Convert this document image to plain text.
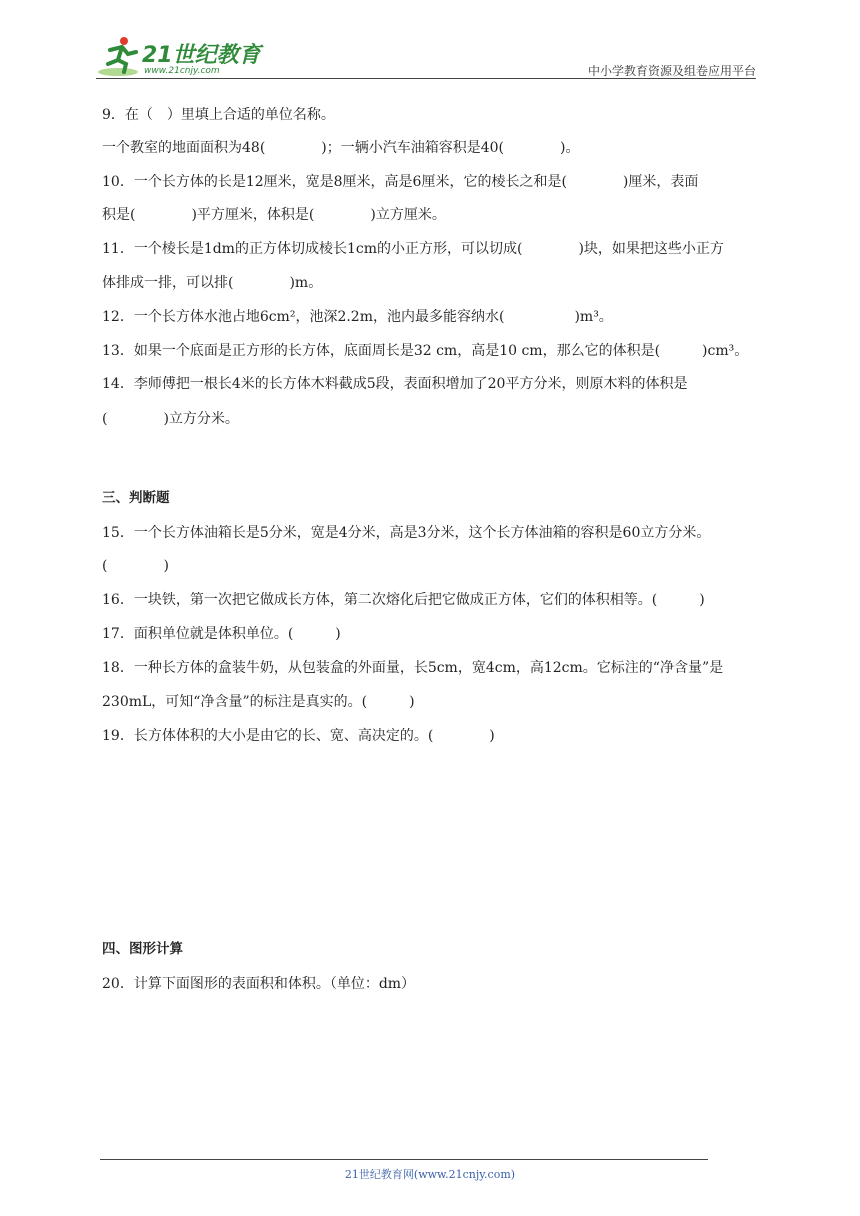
21世纪教育
www.21cnjy.com	中小学教育资源及组卷应用平台
9．在（　）里填上合适的单位名称。
一个教室的地面面积为48(　　　　)；一辆小汽车油箱容积是40(　　　　)。
10．一个长方体的长是12厘米，宽是8厘米，高是6厘米，它的棱长之和是(　　　　)厘米，表面
积是(　　　　)平方厘米，体积是(　　　　)立方厘米。
11．一个棱长是1dm的正方体切成棱长1cm的小正方形，可以切成(　　　　)块，如果把这些小正方
体排成一排，可以排(　　　　)m。
12．一个长方体水池占地6cm²，池深2.2m，池内最多能容纳水(　　　　　)m³。
13．如果一个底面是正方形的长方体，底面周长是32 cm，高是10 cm，那么它的体积是(　　　)cm³。
14．李师傅把一根长4米的长方体木料截成5段，表面积增加了20平方分米，则原木料的体积是
(　　　　)立方分米。
三、判断题
15．一个长方体油箱长是5分米，宽是4分米，高是3分米，这个长方体油箱的容积是60立方分米。
(　　　　)
16．一块铁，第一次把它做成长方体，第二次熔化后把它做成正方体，它们的体积相等。(　　　)
17．面积单位就是体积单位。(　　　)
18．一种长方体的盒装牛奶，从包装盒的外面量，长5cm，宽4cm，高12cm。它标注的“净含量”是
230mL，可知“净含量”的标注是真实的。(　　　)
19．长方体体积的大小是由它的长、宽、高决定的。(　　　　)
四、图形计算
20．计算下面图形的表面积和体积。（单位：dm）
21世纪教育网(www.21cnjy.com)
